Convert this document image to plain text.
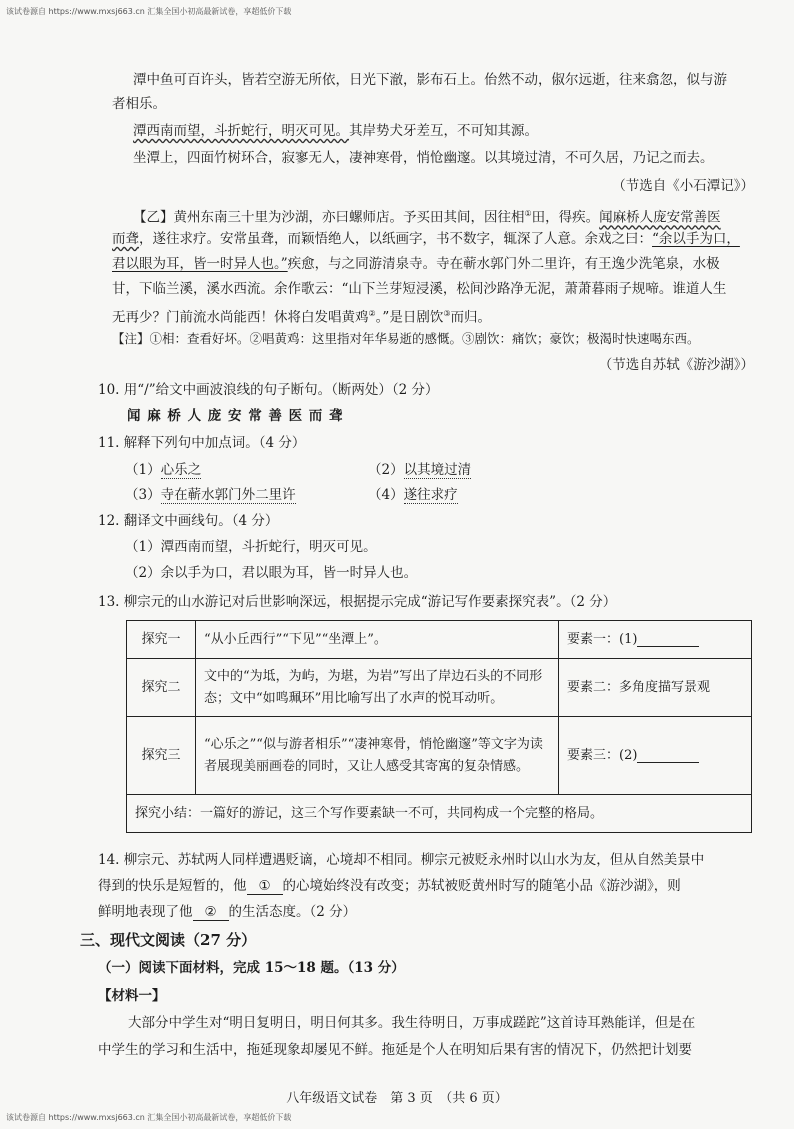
该试卷源自 https://www.mxsj663.cn 汇集全国小初高最新试卷，享超低价下载
潭中鱼可百许头，皆若空游无所依，日光下澈，影布石上。佁然不动，俶尔远逝，往来翕忽，似与游
者相乐。
潭西南而望，斗折蛇行，明灭可见。其岸势犬牙差互，不可知其源。
坐潭上，四面竹树环合，寂寥无人，凄神寒骨，悄怆幽邃。以其境过清，不可久居，乃记之而去。
（节选自《小石潭记》）
【乙】黄州东南三十里为沙湖，亦曰螺师店。予买田其间，因往相①田，得疾。闻麻桥人庞安常善医
而聋，遂往求疗。安常虽聋，而颖悟绝人，以纸画字，书不数字，辄深了人意。余戏之曰：“余以手为口，
君以眼为耳，皆一时异人也。”疾愈，与之同游清泉寺。寺在蕲水郭门外二里许，有王逸少洗笔泉，水极
甘，下临兰溪，溪水西流。余作歌云：“山下兰芽短浸溪，松间沙路净无泥，萧萧暮雨子规啼。谁道人生
无再少？门前流水尚能西！休将白发唱黄鸡②。”是日剧饮③而归。
【注】①相：查看好坏。②唱黄鸡：这里指对年华易逝的感慨。③剧饮：痛饮；豪饮；极渴时快速喝东西。
（节选自苏轼《游沙湖》）
10. 用“/”给文中画波浪线的句子断句。（断两处）（2 分）
闻 麻 桥 人 庞 安 常 善 医 而 聋
11. 解释下列句中加点词。（4 分）
（1）心乐之	（2）以其境过清
（3）寺在蕲水郭门外二里许	（4）遂往求疗
12. 翻译文中画线句。（4 分）
（1）潭西南而望，斗折蛇行，明灭可见。
（2）余以手为口，君以眼为耳，皆一时异人也。
13. 柳宗元的山水游记对后世影响深远，根据提示完成“游记写作要素探究表”。（2 分）
探究一	“从小丘西行”“下见”“坐潭上”。	要素一：(1)
探究二	文中的“为坻，为屿，为堪，为岩”写出了岸边石头的不同形态；文中“如鸣珮环”用比喻写出了水声的悦耳动听。	要素二：多角度描写景观
探究三	“心乐之”“似与游者相乐”“凄神寒骨，悄怆幽邃”等文字为读者展现美丽画卷的同时，又让人感受其寄寓的复杂情感。	要素三：(2)
探究小结：一篇好的游记，这三个写作要素缺一不可，共同构成一个完整的格局。		
14. 柳宗元、苏轼两人同样遭遇贬谪，心境却不相同。柳宗元被贬永州时以山水为友，但从自然美景中
得到的快乐是短暂的，他 ① 的心境始终没有改变；苏轼被贬黄州时写的随笔小品《游沙湖》，则
鲜明地表现了他 ② 的生活态度。（2 分）
三、现代文阅读（27 分）
（一）阅读下面材料，完成 15～18 题。（13 分）
【材料一】
大部分中学生对“明日复明日，明日何其多。我生待明日，万事成蹉跎”这首诗耳熟能详，但是在
中学生的学习和生活中，拖延现象却屡见不鲜。拖延是个人在明知后果有害的情况下，仍然把计划要
八年级语文试卷　第 3 页　（共 6 页）
该试卷源自 https://www.mxsj663.cn 汇集全国小初高最新试卷，享超低价下载
